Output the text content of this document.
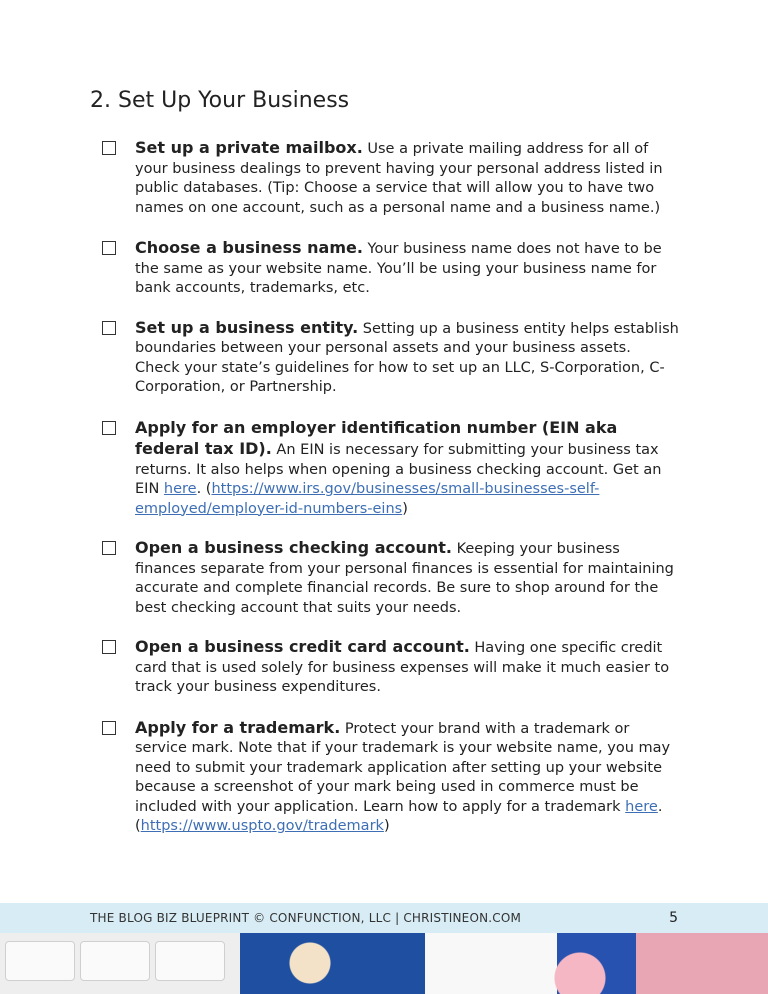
2. Set Up Your Business
Set up a private mailbox. Use a private mailing address for all of your business dealings to prevent having your personal address listed in public databases. (Tip: Choose a service that will allow you to have two names on one account, such as a personal name and a business name.)
Choose a business name. Your business name does not have to be the same as your website name. You’ll be using your business name for bank accounts, trademarks, etc.
Set up a business entity. Setting up a business entity helps establish boundaries between your personal assets and your business assets. Check your state’s guidelines for how to set up an LLC, S-Corporation, C-Corporation, or Partnership.
Apply for an employer identification number (EIN aka federal tax ID). An EIN is necessary for submitting your business tax returns. It also helps when opening a business checking account. Get an EIN here. (https://www.irs.gov/businesses/small-businesses-self-employed/employer-id-numbers-eins)
Open a business checking account. Keeping your business finances separate from your personal finances is essential for maintaining accurate and complete financial records. Be sure to shop around for the best checking account that suits your needs.
Open a business credit card account. Having one specific credit card that is used solely for business expenses will make it much easier to track your business expenditures.
Apply for a trademark. Protect your brand with a trademark or service mark. Note that if your trademark is your website name, you may need to submit your trademark application after setting up your website because a screenshot of your mark being used in commerce must be included with your application. Learn how to apply for a trademark here. (https://www.uspto.gov/trademark)
THE BLOG BIZ BLUEPRINT © CONFUNCTION, LLC | CHRISTINEON.COM	5
